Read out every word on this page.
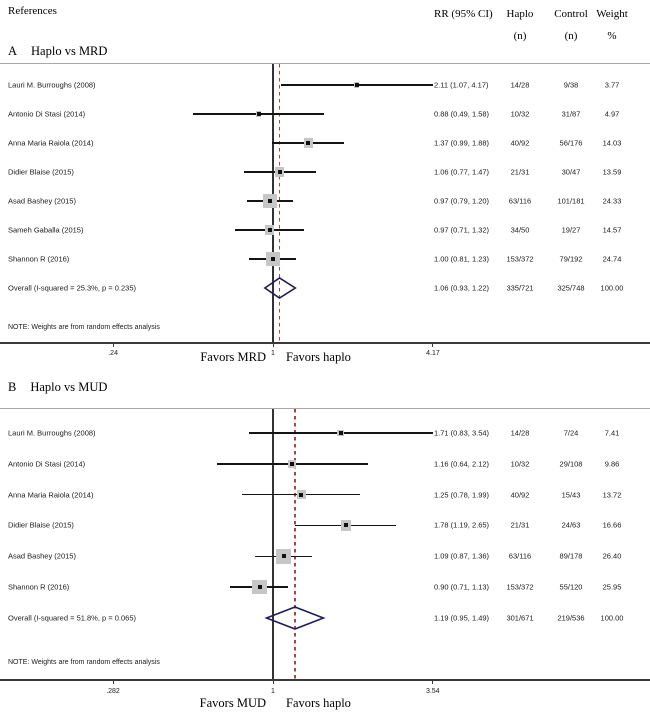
References	RR (95% CI) Haplo Control Weight
(n)	(n)	%
A Haplo vs MRD
NOTE: Weights are from random effects analysis
Favors MRD Favors haplo
B Haplo vs MUD
NOTE: Weights are from random effects analysis
Favors MUD Favors haplo
.24	1	4.17
Lauri M. Burroughs (2008)	2.11 (1.07, 4.17)	14/28	9/38	3.77
Antonio Di Stasi (2014)	0.88 (0.49, 1.58)	10/32	31/87	4.97
Anna Maria Raiola (2014)	1.37 (0.99, 1.88)	40/92	56/176	14.03
Didier Blaise (2015)	1.06 (0.77, 1.47)	21/31	30/47	13.59
Asad Bashey (2015)	0.97 (0.79, 1.20)	63/116	101/181 24.33
Sameh Gaballa (2015)	0.97 (0.71, 1.32)	34/50	19/27	14.57
Shannon R (2016)	1.00 (0.81, 1.23) 153/372	79/192	24.74
Overall (I-squared = 25.3%, p = 0.235)	1.06 (0.93, 1.22) 335/721	325/748 100.00
.282	1	3.54
Lauri M. Burroughs (2008)	1.71 (0.83, 3.54)	14/28	7/24	7.41
Antonio Di Stasi (2014)	1.16 (0.64, 2.12)	10/32	29/108	9.86
Anna Maria Raiola (2014)	1.25 (0.78, 1.99)	40/92	15/43	13.72
Didier Blaise (2015)	1.78 (1.19, 2.65)	21/31	24/63	16.66
Asad Bashey (2015)	1.09 (0.87, 1.36)	63/116	89/178	26.40
Shannon R (2016)	0.90 (0.71, 1.13) 153/372	55/120	25.95
Overall (I-squared = 51.8%, p = 0.065)	1.19 (0.95, 1.49) 301/671	219/536 100.00
